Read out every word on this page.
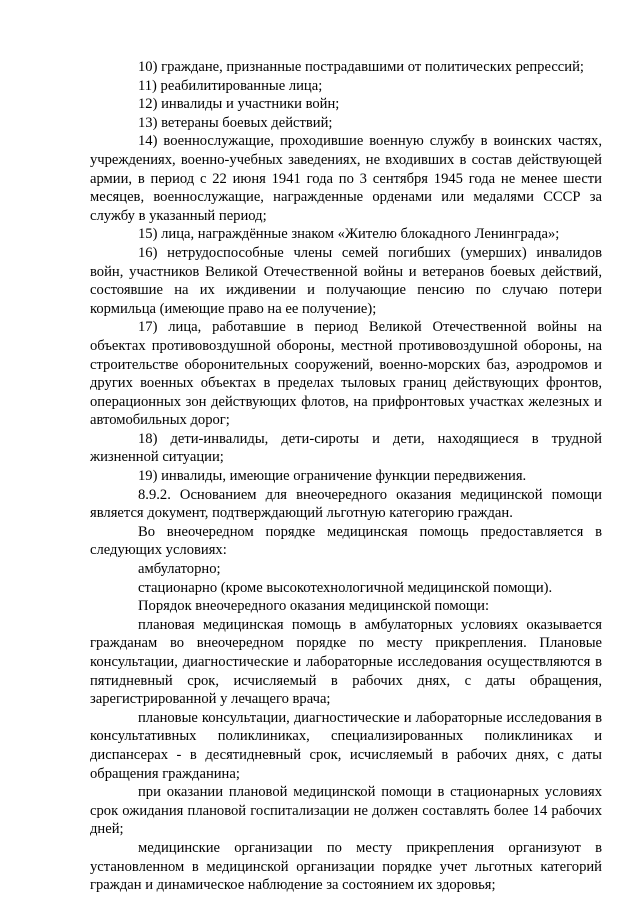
10) граждане, признанные пострадавшими от политических репрессий;

11) реабилитированные лица;

12) инвалиды и участники войн;

13) ветераны боевых действий;

14) военнослужащие, проходившие военную службу в воинских частях, учреждениях, военно-учебных заведениях, не входивших в состав действующей армии, в период с 22 июня 1941 года по 3 сентября 1945 года не менее шести месяцев, военнослужащие, награжденные орденами или медалями СССР за службу в указанный период;

15) лица, награждённые знаком «Жителю блокадного Ленинграда»;

16) нетрудоспособные члены семей погибших (умерших) инвалидов войн, участников Великой Отечественной войны и ветеранов боевых действий, состоявшие на их иждивении и получающие пенсию по случаю потери кормильца (имеющие право на ее получение);

17) лица, работавшие в период Великой Отечественной войны на объектах противовоздушной обороны, местной противовоздушной обороны, на строительстве оборонительных сооружений, военно-морских баз, аэродромов и других военных объектах в пределах тыловых границ действующих фронтов, операционных зон действующих флотов, на прифронтовых участках железных и автомобильных дорог;

18) дети-инвалиды, дети-сироты и дети, находящиеся в трудной жизненной ситуации;

19) инвалиды, имеющие ограничение функции передвижения.

8.9.2. Основанием для внеочередного оказания медицинской помощи является документ, подтверждающий льготную категорию граждан.

Во внеочередном порядке медицинская помощь предоставляется в следующих условиях:

амбулаторно;

стационарно (кроме высокотехнологичной медицинской помощи).

Порядок внеочередного оказания медицинской помощи:

плановая медицинская помощь в амбулаторных условиях оказывается гражданам во внеочередном порядке по месту прикрепления. Плановые консультации, диагностические и лабораторные исследования осуществляются в пятидневный срок, исчисляемый в рабочих днях, с даты обращения, зарегистрированной у лечащего врача;

плановые консультации, диагностические и лабораторные исследования в консультативных поликлиниках, специализированных поликлиниках и диспансерах - в десятидневный срок, исчисляемый в рабочих днях, с даты обращения гражданина;

при оказании плановой медицинской помощи в стационарных условиях срок ожидания плановой госпитализации не должен составлять более 14 рабочих дней;

медицинские организации по месту прикрепления организуют в установленном в медицинской организации порядке учет льготных категорий граждан и динамическое наблюдение за состоянием их здоровья;
